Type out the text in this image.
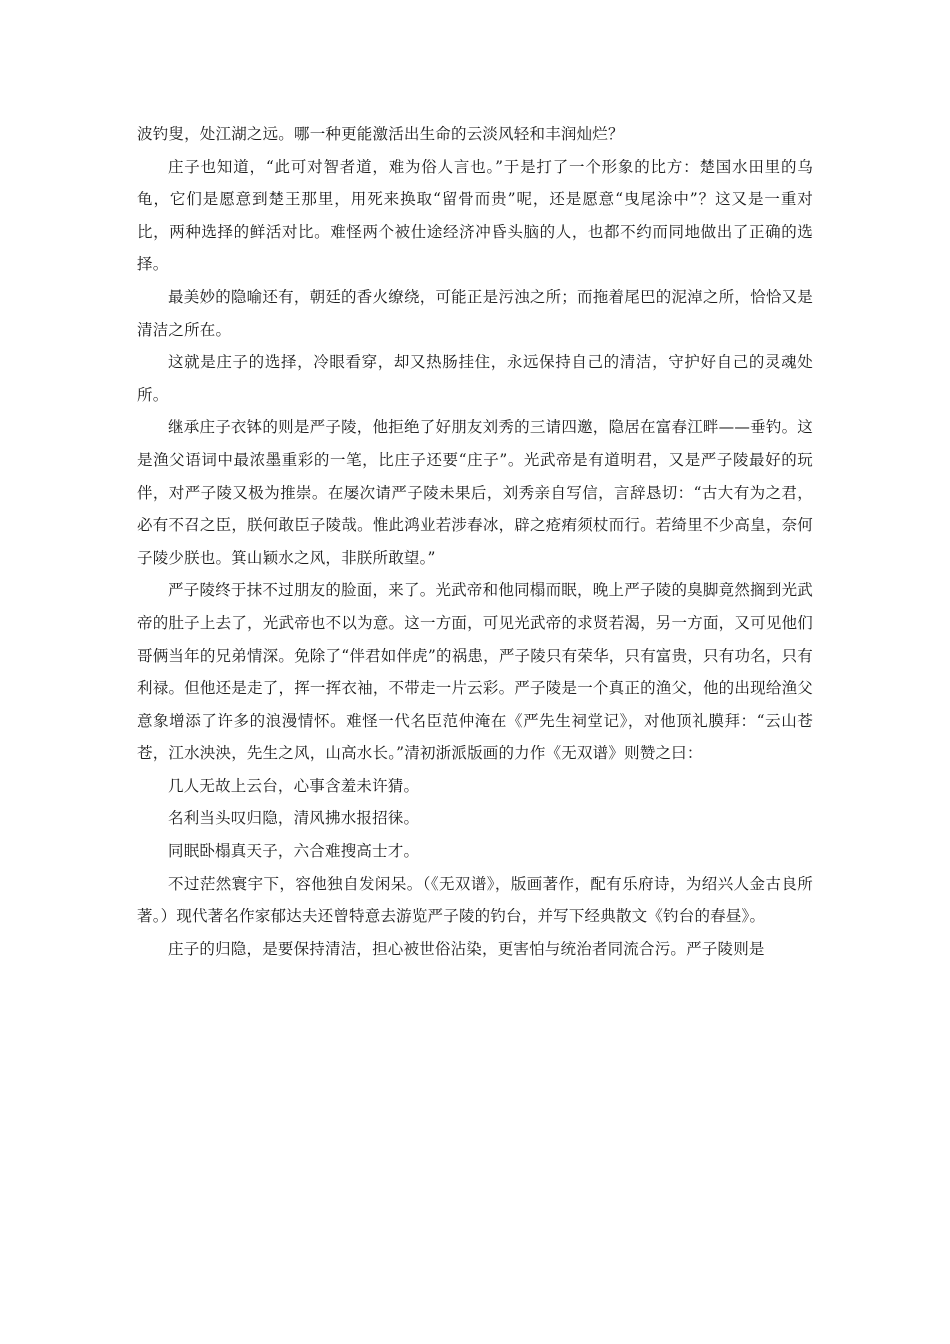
波钓叟，处江湖之远。哪一种更能激活出生命的云淡风轻和丰润灿烂？

庄子也知道，“此可对智者道，难为俗人言也。”于是打了一个形象的比方：楚国水田里的乌龟，它们是愿意到楚王那里，用死来换取“留骨而贵”呢，还是愿意“曳尾涂中”？这又是一重对比，两种选择的鲜活对比。难怪两个被仕途经济冲昏头脑的人，也都不约而同地做出了正确的选择。

最美妙的隐喻还有，朝廷的香火缭绕，可能正是污浊之所；而拖着尾巴的泥淖之所，恰恰又是清洁之所在。

这就是庄子的选择，冷眼看穿，却又热肠挂住，永远保持自己的清洁，守护好自己的灵魂处所。

继承庄子衣钵的则是严子陵，他拒绝了好朋友刘秀的三请四邀，隐居在富春江畔——垂钓。这是渔父语词中最浓墨重彩的一笔，比庄子还要“庄子”。光武帝是有道明君，又是严子陵最好的玩伴，对严子陵又极为推崇。在屡次请严子陵未果后，刘秀亲自写信，言辞恳切：“古大有为之君，必有不召之臣，朕何敢臣子陵哉。惟此鸿业若涉春冰，辟之疮痏须杖而行。若绮里不少高皇，奈何子陵少朕也。箕山颖水之风，非朕所敢望。”

严子陵终于抹不过朋友的脸面，来了。光武帝和他同榻而眠，晚上严子陵的臭脚竟然搁到光武帝的肚子上去了，光武帝也不以为意。这一方面，可见光武帝的求贤若渴，另一方面，又可见他们哥俩当年的兄弟情深。免除了“伴君如伴虎”的祸患，严子陵只有荣华，只有富贵，只有功名，只有利禄。但他还是走了，挥一挥衣袖，不带走一片云彩。严子陵是一个真正的渔父，他的出现给渔父意象增添了许多的浪漫情怀。难怪一代名臣范仲淹在《严先生祠堂记》，对他顶礼膜拜：“云山苍苍，江水泱泱，先生之风，山高水长。”清初浙派版画的力作《无双谱》则赞之曰：

几人无故上云台，心事含羞未许猜。

名利当头叹归隐，清风拂水报招徕。

同眠卧榻真天子，六合难搜高士才。

不过茫然寰宇下，容他独自发闲呆。（《无双谱》，版画著作，配有乐府诗，为绍兴人金古良所著。）现代著名作家郁达夫还曾特意去游览严子陵的钓台，并写下经典散文《钓台的春昼》。

庄子的归隐，是要保持清洁，担心被世俗沾染，更害怕与统治者同流合污。严子陵则是
